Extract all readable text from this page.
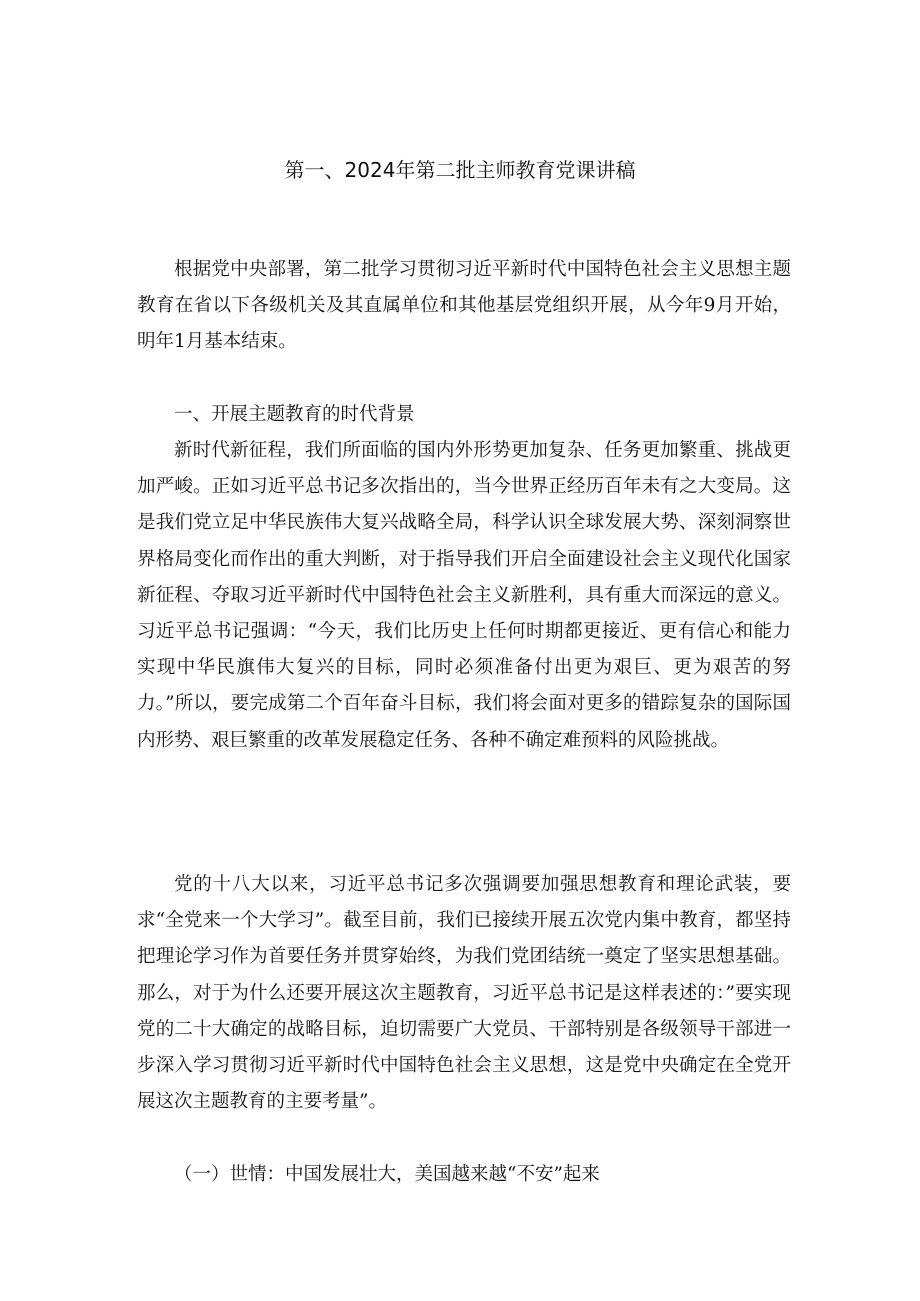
第一、2024年第二批主师教育党课讲稿

根据党中央部署，第二批学习贯彻习近平新时代中国特色社会主义思想主题教育在省以下各级机关及其直属单位和其他基层党组织开展，从今年9月开始，明年1月基本结束。

一、开展主题教育的时代背景

新时代新征程，我们所面临的国内外形势更加复杂、任务更加繁重、挑战更加严峻。正如习近平总书记多次指出的，当今世界正经历百年未有之大变局。这是我们党立足中华民族伟大复兴战略全局，科学认识全球发展大势、深刻洞察世界格局变化而作出的重大判断，对于指导我们开启全面建设社会主义现代化国家新征程、夺取习近平新时代中国特色社会主义新胜利，具有重大而深远的意义。习近平总书记强调：“今天，我们比历史上任何时期都更接近、更有信心和能力实现中华民旗伟大复兴的目标，同时必须准备付出更为艰巨、更为艰苦的努力。”所以，要完成第二个百年奋斗目标，我们将会面对更多的错踪复杂的国际国内形势、艰巨繁重的改革发展稳定任务、各种不确定难预料的风险挑战。

党的十八大以来，习近平总书记多次强调要加强思想教育和理论武装，要求“全党来一个大学习”。截至目前，我们已接续开展五次党内集中教育，都坚持把理论学习作为首要任务并贯穿始终，为我们党团结统一奠定了坚实思想基础。那么，对于为什么还要开展这次主题教育，习近平总书记是这样表述的：”要实现党的二十大确定的战略目标，迫切需要广大党员、干部特别是各级领导干部进一步深入学习贯彻习近平新时代中国特色社会主义思想，这是党中央确定在全党开展这次主题教育的主要考量”。

（一）世情：中国发展壮大，美国越来越“不安”起来
